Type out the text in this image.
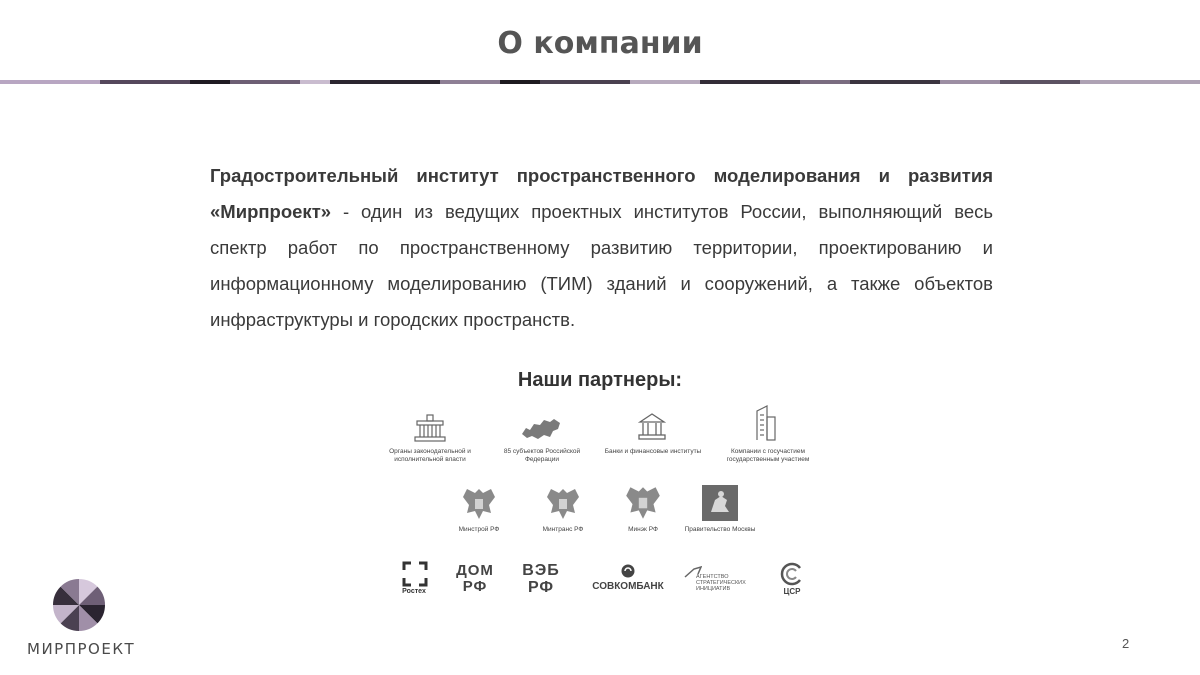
О компании
Градостроительный институт пространственного моделирования и развития «Мирпроект» - один из ведущих проектных институтов России, выполняющий весь спектр работ по пространственному развитию территории, проектированию и информационному моделированию (ТИМ) зданий и сооружений, а также объектов инфраструктуры и городских пространств.
Наши партнеры:
Органы законодательной и исполнительной власти
85 субъектов Российской Федерации
Банки и финансовые институты	Компании с госучастием государственным участием
Минстрой РФ	Минтранс РФ	Минэк РФ	Правительство Москвы
Ростех
ДОМ
РФ
ВЭБ
РФ	СОВКОМБАНК
АГЕНТСТВО
СТРАТЕГИЧЕСКИХ
ИНИЦИАТИВ	ЦСР
МИРПРОЕКТ	2
